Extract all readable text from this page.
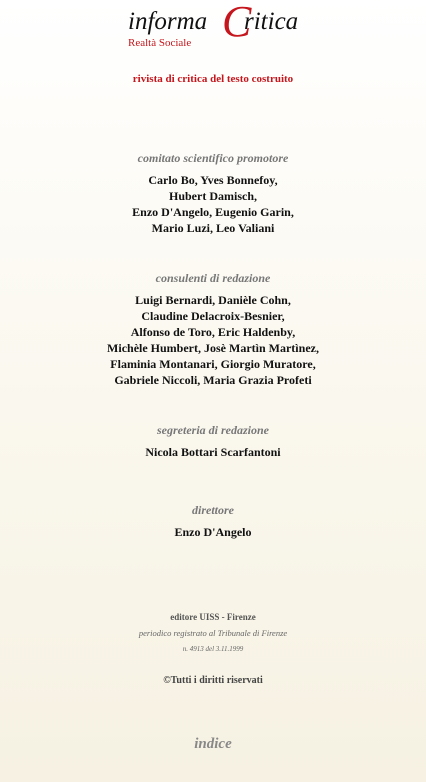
informa C
ritica
Realtà Sociale
rivista di critica del testo costruito
comitato scientifico promotore
Carlo Bo, Yves Bonnefoy,
Hubert Damisch,
Enzo D'Angelo, Eugenio Garin,
Mario Luzi, Leo Valiani
consulenti di redazione
Luigi Bernardi, Danièle Cohn,
Claudine Delacroix-Besnier,
Alfonso de Toro, Eric Haldenby,
Michèle Humbert, Josè Martìn Martìnez,
Flaminia Montanari, Giorgio Muratore,
Gabriele Niccoli, Maria Grazia Profeti
segreteria di redazione
Nicola Bottari Scarfantoni
direttore
Enzo D'Angelo
editore UISS - Firenze
periodico registrato al Tribunale di Firenze
n. 4913 del 3.11.1999
©Tutti i diritti riservati
indice
